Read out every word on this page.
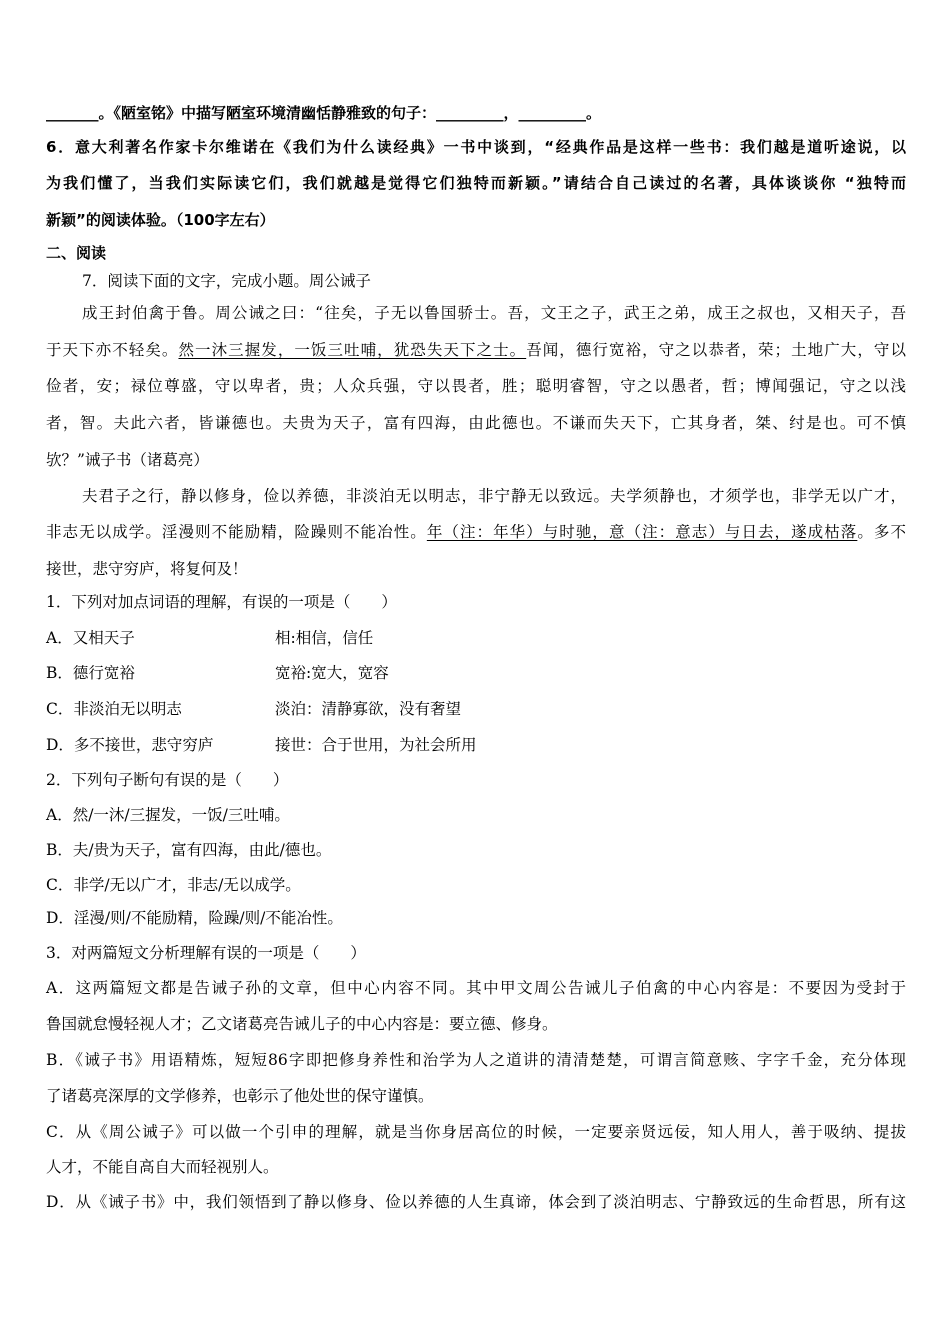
_______。《陋室铭》中描写陋室环境清幽恬静雅致的句子：_________，_________。
6．意大利著名作家卡尔维诺在《我们为什么读经典》一书中谈到，“经典作品是这样一些书：我们越是道听途说，以
为我们懂了，当我们实际读它们，我们就越是觉得它们独特而新颖。”请结合自己读过的名著，具体谈谈你 “独特而
新颖”的阅读体验。（100字左右）
二、阅读
7．阅读下面的文字，完成小题。周公诫子
成王封伯禽于鲁。周公诫之曰：“往矣，子无以鲁国骄士。吾，文王之子，武王之弟，成王之叔也，又相天子，吾
于天下亦不轻矣。然一沐三握发，一饭三吐哺，犹恐失天下之士。吾闻，德行宽裕，守之以恭者，荣；土地广大，守以
俭者，安；禄位尊盛，守以卑者，贵；人众兵强，守以畏者，胜；聪明睿智，守之以愚者，哲；博闻强记，守之以浅
者，智。夫此六者，皆谦德也。夫贵为天子，富有四海，由此德也。不谦而失天下，亡其身者，桀、纣是也。可不慎
欤？”诫子书（诸葛亮）
夫君子之行，静以修身，俭以养德，非淡泊无以明志，非宁静无以致远。夫学须静也，才须学也，非学无以广才，
非志无以成学。淫漫则不能励精，险躁则不能冶性。年（注：年华）与时驰，意（注：意志）与日去，遂成枯落。多不
接世，悲守穷庐，将复何及！
1．下列对加点词语的理解，有误的一项是（　　）
A．又相天子	相:相信，信任
B．德行宽裕	宽裕:宽大，宽容
C．非淡泊无以明志	淡泊：清静寡欲，没有奢望
D．多不接世，悲守穷庐	接世：合于世用，为社会所用
2．下列句子断句有误的是（　　）
A．然/一沐/三握发，一饭/三吐哺。
B．夫/贵为天子，富有四海，由此/德也。
C．非学/无以广才，非志/无以成学。
D．淫漫/则/不能励精，险躁/则/不能冶性。
3．对两篇短文分析理解有误的一项是（　　）
A．这两篇短文都是告诫子孙的文章，但中心内容不同。其中甲文周公告诫儿子伯禽的中心内容是：不要因为受封于
鲁国就怠慢轻视人才；乙文诸葛亮告诫儿子的中心内容是：要立德、修身。
B．《诫子书》用语精炼，短短86字即把修身养性和治学为人之道讲的清清楚楚，可谓言简意赅、字字千金，充分体现
了诸葛亮深厚的文学修养，也彰示了他处世的保守谨慎。
C．从《周公诫子》可以做一个引申的理解，就是当你身居高位的时候，一定要亲贤远佞，知人用人，善于吸纳、提拔
人才，不能自高自大而轻视别人。
D．从《诫子书》中，我们领悟到了静以修身、俭以养德的人生真谛，体会到了淡泊明志、宁静致远的生命哲思，所有这
